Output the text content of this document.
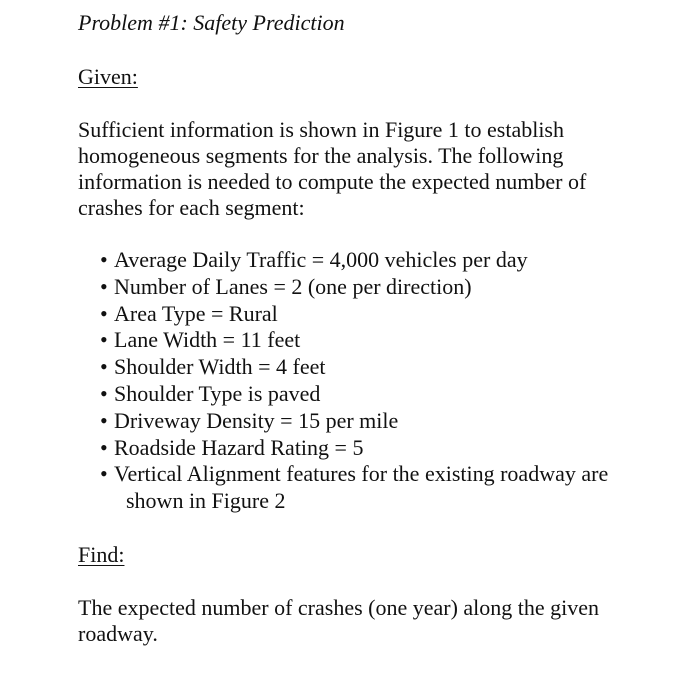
Problem #1: Safety Prediction
Given:

Sufficient information is shown in Figure 1 to establish homogeneous segments for the analysis. The following information is needed to compute the expected number of crashes for each segment:

• Average Daily Traffic = 4,000 vehicles per day
• Number of Lanes = 2 (one per direction)
• Area Type = Rural
• Lane Width = 11 feet
• Shoulder Width = 4 feet
• Shoulder Type is paved
• Driveway Density = 15 per mile
• Roadside Hazard Rating = 5
• Vertical Alignment features for the existing roadway are
shown in Figure 2
Find:

The expected number of crashes (one year) along the given roadway.
